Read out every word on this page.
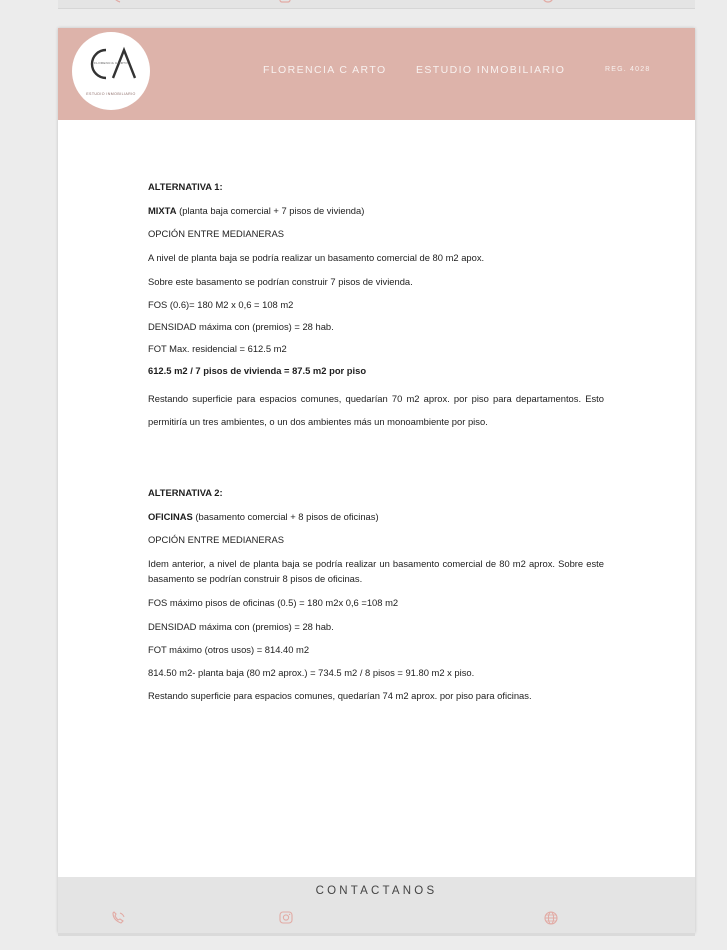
FLORENCIA C ARTO
ESTUDIO INMOBILIARIO
FLORENCIA C ARTO	ESTUDIO INMOBILIARIO	REG. 4028

ALTERNATIVA 1:

MIXTA (planta baja comercial + 7 pisos de vivienda)

OPCIÓN ENTRE MEDIANERAS

A nivel de planta baja se podría realizar un basamento comercial de 80 m2 apox.

Sobre este basamento se podrían construir 7 pisos de vivienda.

FOS (0.6)= 180 M2 x 0,6 = 108 m2

DENSIDAD máxima con (premios) = 28 hab.

FOT Max. residencial = 612.5 m2

612.5 m2 / 7 pisos de vivienda = 87.5 m2 por piso

Restando superficie para espacios comunes, quedarían 70 m2 aprox. por piso para departamentos. Esto permitiría un tres ambientes, o un dos ambientes más un monoambiente por piso.

ALTERNATIVA 2:

OFICINAS (basamento comercial + 8 pisos de oficinas)

OPCIÓN ENTRE MEDIANERAS

Idem anterior, a nivel de planta baja se podría realizar un basamento comercial de 80 m2 aprox. Sobre este basamento se podrían construir 8 pisos de oficinas.

FOS máximo pisos de oficinas (0.5) = 180 m2x 0,6 =108 m2

DENSIDAD máxima con (premios) = 28 hab.

FOT máximo (otros usos) = 814.40 m2

814.50 m2- planta baja (80 m2 aprox.) = 734.5 m2 / 8 pisos = 91.80 m2 x piso.

Restando superficie para espacios comunes, quedarían 74 m2 aprox. por piso para oficinas.

CONTACTANOS
